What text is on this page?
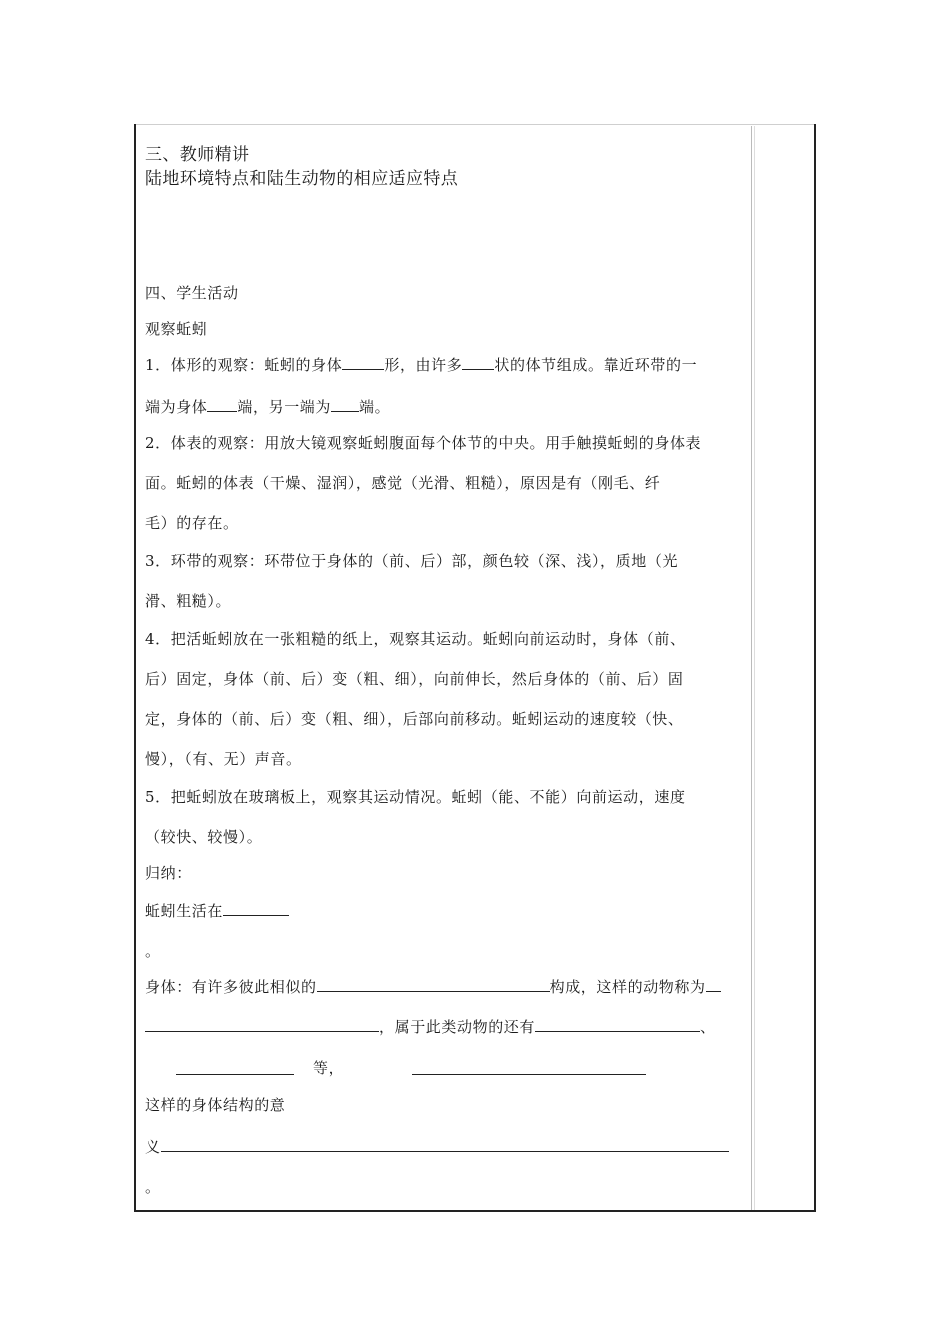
三、教师精讲
陆地环境特点和陆生动物的相应适应特点
四、学生活动
观察蚯蚓
1．体形的观察：蚯蚓的身体	形，由许多 状的体节组成。靠近环带的一
端为身体 端，另一端为 端。
2．体表的观察：用放大镜观察蚯蚓腹面每个体节的中央。用手触摸蚯蚓的身体表
面。蚯蚓的体表（干燥、湿润），感觉（光滑、粗糙），原因是有（刚毛、纤
毛）的存在。
3．环带的观察：环带位于身体的（前、后）部，颜色较（深、浅），质地（光
滑、粗糙）。
4．把活蚯蚓放在一张粗糙的纸上，观察其运动。蚯蚓向前运动时，身体（前、
后）固定，身体（前、后）变（粗、细），向前伸长，然后身体的（前、后）固
定，身体的（前、后）变（粗、细），后部向前移动。蚯蚓运动的速度较（快、
慢），（有、无）声音。
5．把蚯蚓放在玻璃板上，观察其运动情况。蚯蚓（能、不能）向前运动，速度
（较快、较慢）。
归纳：
蚯蚓生活在
。
身体：有许多彼此相似的	构成，这样的动物称为
，属于此类动物的还有	、
等，
这样的身体结构的意
义
。
